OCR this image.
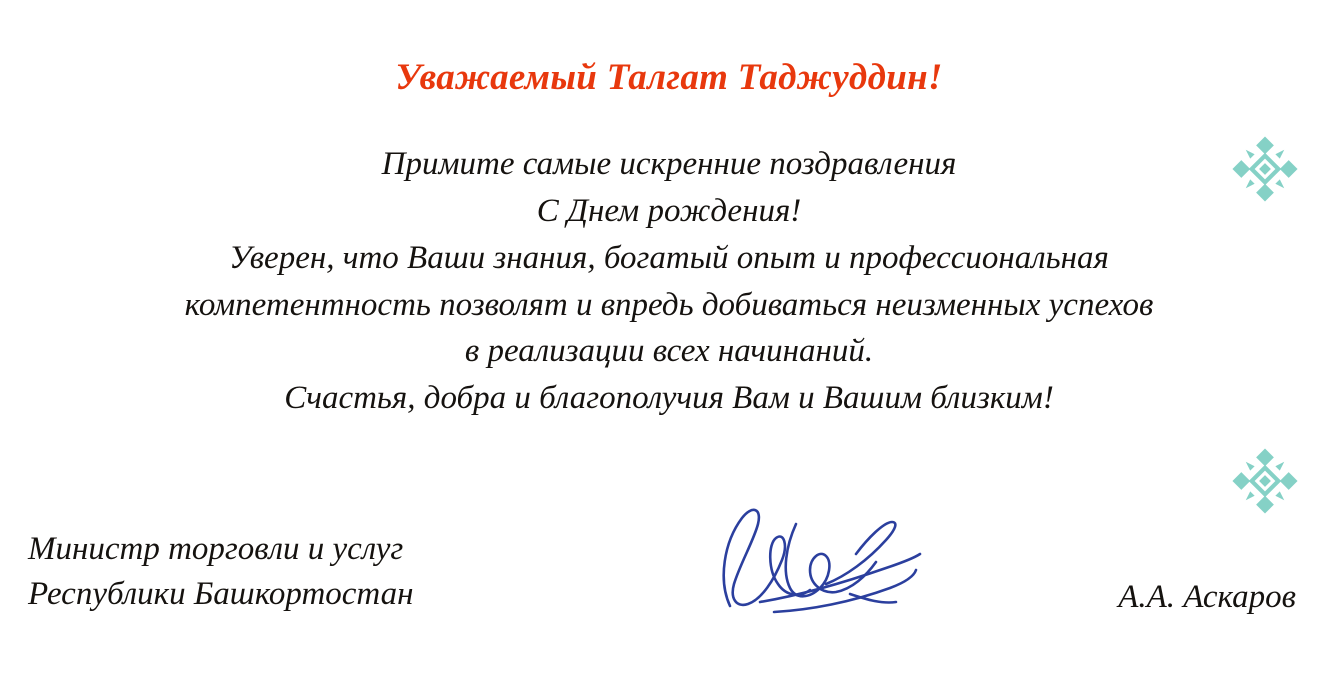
Уважаемый Талгат Таджуддин!
Примите самые искренние поздравления
С Днем рождения!
Уверен, что Ваши знания, богатый опыт и профессиональная
компетентность позволят и впредь добиваться неизменных успехов
в реализации всех начинаний.
Счастья, добра и благополучия Вам и Вашим близким!
Министр торговли и услуг
Республики Башкортостан	А.А. Аскаров
